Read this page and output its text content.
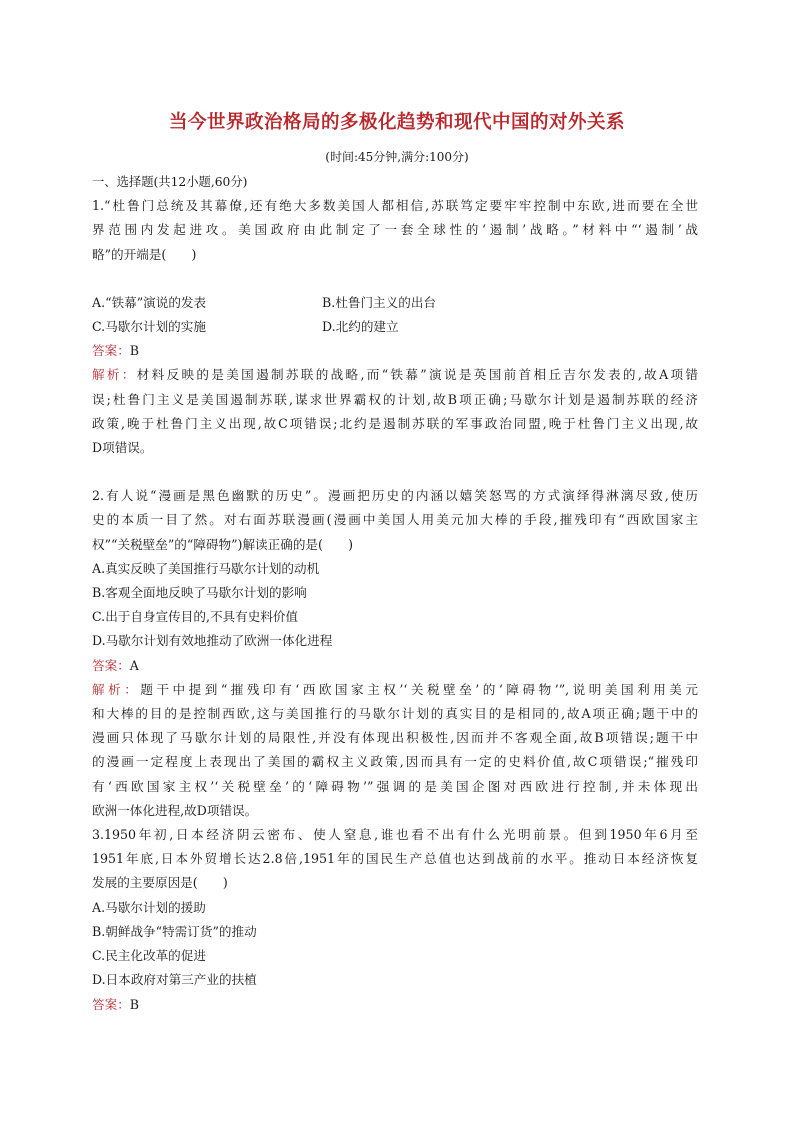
当今世界政治格局的多极化趋势和现代中国的对外关系
(时间:45分钟,满分:100分)
一、选择题(共12小题,60分)
1.“杜鲁门总统及其幕僚,还有绝大多数美国人都相信,苏联笃定要牢牢控制中东欧,进而要在全世
界范围内发起进攻。美国政府由此制定了一套全球性的‘遏制’战略。”材料中“‘遏制’战
略”的开端是(　　)
A.“铁幕”演说的发表	B.杜鲁门主义的出台
C.马歇尔计划的实施	D.北约的建立
答案：B
解析：材料反映的是美国遏制苏联的战略,而“铁幕”演说是英国前首相丘吉尔发表的,故A项错
误;杜鲁门主义是美国遏制苏联,谋求世界霸权的计划,故B项正确;马歇尔计划是遏制苏联的经济
政策,晚于杜鲁门主义出现,故C项错误;北约是遏制苏联的军事政治同盟,晚于杜鲁门主义出现,故
D项错误。
2.有人说“漫画是黑色幽默的历史”。漫画把历史的内涵以嬉笑怒骂的方式演绎得淋漓尽致,使历
史的本质一目了然。对右面苏联漫画(漫画中美国人用美元加大棒的手段,摧残印有“西欧国家主
权”“关税壁垒”的“障碍物”)解读正确的是(　　)
A.真实反映了美国推行马歇尔计划的动机
B.客观全面地反映了马歇尔计划的影响
C.出于自身宣传目的,不具有史料价值
D.马歇尔计划有效地推动了欧洲一体化进程
答案：A
解析：题干中提到“摧残印有‘西欧国家主权’‘关税壁垒’的‘障碍物’”,说明美国利用美元
和大棒的目的是控制西欧,这与美国推行的马歇尔计划的真实目的是相同的,故A项正确;题干中的
漫画只体现了马歇尔计划的局限性,并没有体现出积极性,因而并不客观全面,故B项错误;题干中
的漫画一定程度上表现出了美国的霸权主义政策,因而具有一定的史料价值,故C项错误;“摧残印
有‘西欧国家主权’‘关税壁垒’的‘障碍物’”强调的是美国企图对西欧进行控制,并未体现出
欧洲一体化进程,故D项错误。
3.1950年初,日本经济阴云密布、使人窒息,谁也看不出有什么光明前景。但到1950年6月至
1951年底,日本外贸增长达2.8倍,1951年的国民生产总值也达到战前的水平。推动日本经济恢复
发展的主要原因是(　　)
A.马歇尔计划的援助
B.朝鲜战争“特需订货”的推动
C.民主化改革的促进
D.日本政府对第三产业的扶植
答案：B
